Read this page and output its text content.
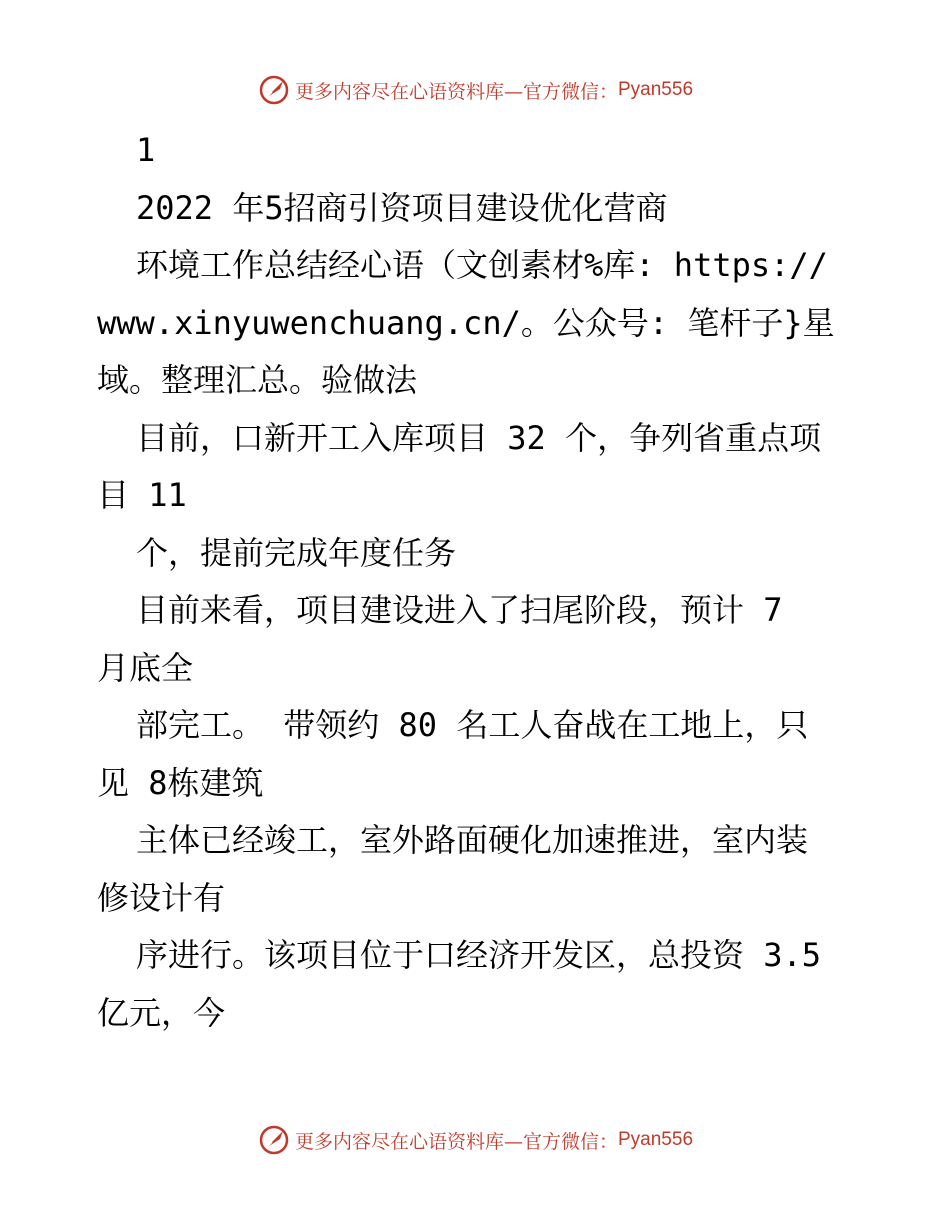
更多内容尽在心语资料库—官方微信： Pyan556
1
2022 年5招商引资项目建设优化营商
环境工作总结经心语（文创素材%库: https://
www.xinyuwenchuang.cn/。公众号: 笔杆子}星
域。整理汇总。验做法
目前，口新开工入库项目 32 个，争列省重点项
目 11
个，提前完成年度任务
目前来看，项目建设进入了扫尾阶段，预计 7
月底全
部完工。 带领约 80 名工人奋战在工地上，只
见 8栋建筑
主体已经竣工，室外路面硬化加速推进，室内装
修设计有
序进行。该项目位于口经济开发区，总投资 3.5
亿元，今
更多内容尽在心语资料库—官方微信： Pyan556
